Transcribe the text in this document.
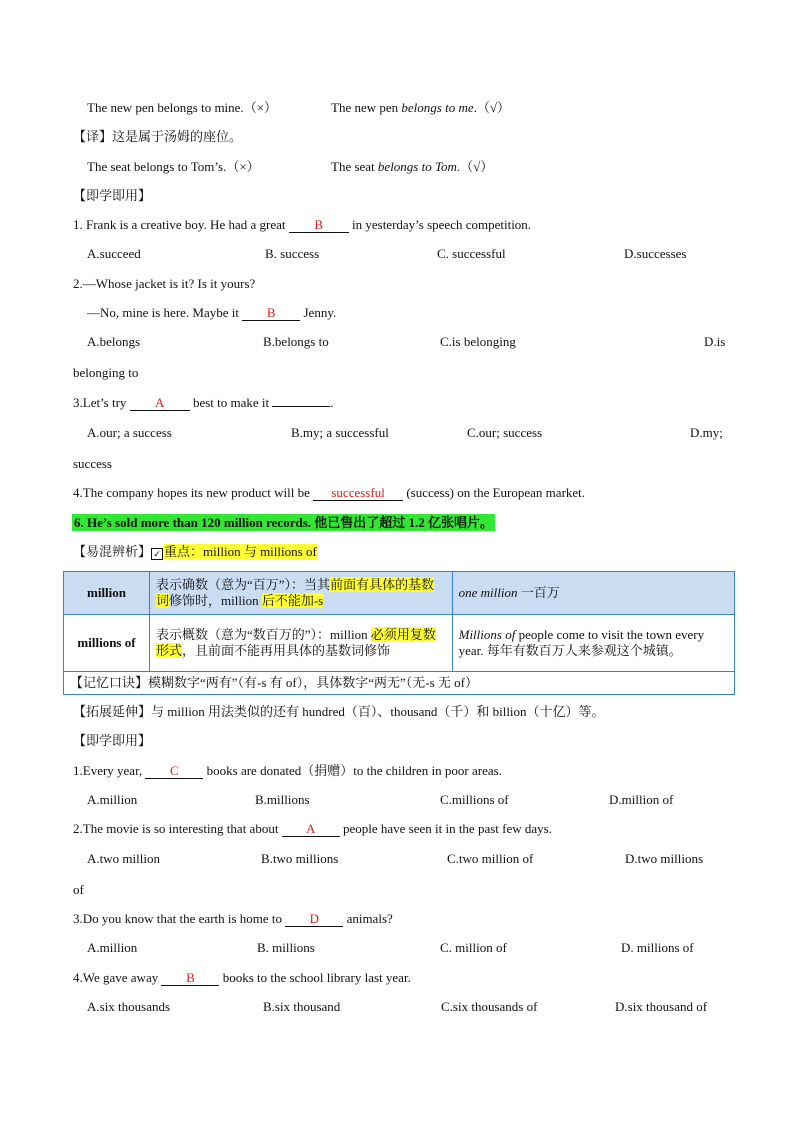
The new pen belongs to mine.（×）	The new pen belongs to me.（√）
【译】这是属于汤姆的座位。
The seat belongs to Tom’s.（×）	The seat belongs to Tom.（√）
【即学即用】
1. Frank is a creative boy. He had a great B in yesterday’s speech competition.
A.succeed	B. success	C. successful	D.successes
2.—Whose jacket is it? Is it yours?
—No, mine is here. Maybe it B Jenny.
A.belongs	B.belongs to	C.is belonging	D.is
belonging to
3.Let’s try A best to make it	.
A.our; a success	B.my; a successful	C.our; success	D.my;
success
4.The company hopes its new product will be successful (success) on the European market.
6. He’s sold more than 120 million records. 他已售出了超过 1.2 亿张唱片。
【易混辨析】 ✓ 重点：million 与 millions of
million	表示确数（意为“百万”）：当其前面有具体的基数词修饰时，million 后不能加-s	one million 一百万
millions of	表示概数（意为“数百万的”）：million 必须用复数形式，且前面不能再用具体的基数词修饰	Millions of people come to visit the town every year. 每年有数百万人来参观这个城镇。
【记忆口诀】模糊数字“两有”（有-s 有 of），具体数字“两无”（无-s 无 of）		
【拓展延伸】与 million 用法类似的还有 hundred（百）、thousand（千）和 billion（十亿）等。
【即学即用】
1.Every year, C books are donated（捐赠）to the children in poor areas.
A.million	B.millions	C.millions of	D.million of
2.The movie is so interesting that about A people have seen it in the past few days.
A.two million	B.two millions	C.two million of	D.two millions
of
3.Do you know that the earth is home to D animals?
A.million	B. millions	C. million of	D. millions of
4.We gave away B books to the school library last year.
A.six thousands	B.six thousand	C.six thousands of	D.six thousand of
